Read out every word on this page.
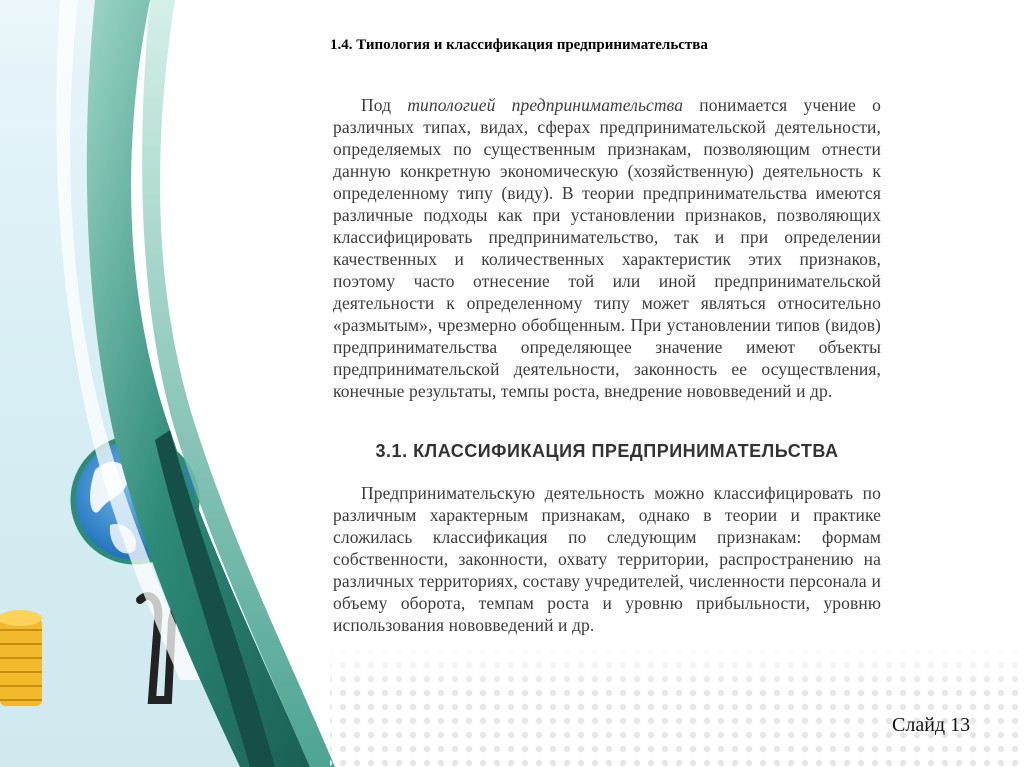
1.4. Типология и классификация предпринимательства

Под типологией предпринимательства понимается учение о различных типах, видах, сферах предпринимательской деятельности, определяемых по существенным признакам, позволяющим отнести данную конкретную экономическую (хозяйственную) деятельность к определенному типу (виду). В теории предпринимательства имеются различные подходы как при установлении признаков, позволяющих классифицировать предпринимательство, так и при определении качественных и количественных характеристик этих признаков, поэтому часто отнесение той или иной предпринимательской деятельности к определенному типу может являться относительно «размытым», чрезмерно обобщенным. При установлении типов (видов) предпринимательства определяющее значение имеют объекты предпринимательской деятельности, законность ее осуществления, конечные результаты, темпы роста, внедрение нововведений и др.

3.1. КЛАССИФИКАЦИЯ ПРЕДПРИНИМАТЕЛЬСТВА

Предпринимательскую деятельность можно классифицировать по различным характерным признакам, однако в теории и практике сложилась классификация по следующим признакам: формам собственности, законности, охвату территории, распространению на различных территориях, составу учредителей, численности персонала и объему оборота, темпам роста и уровню прибыльности, уровню использования нововведений и др.

Слайд 13
